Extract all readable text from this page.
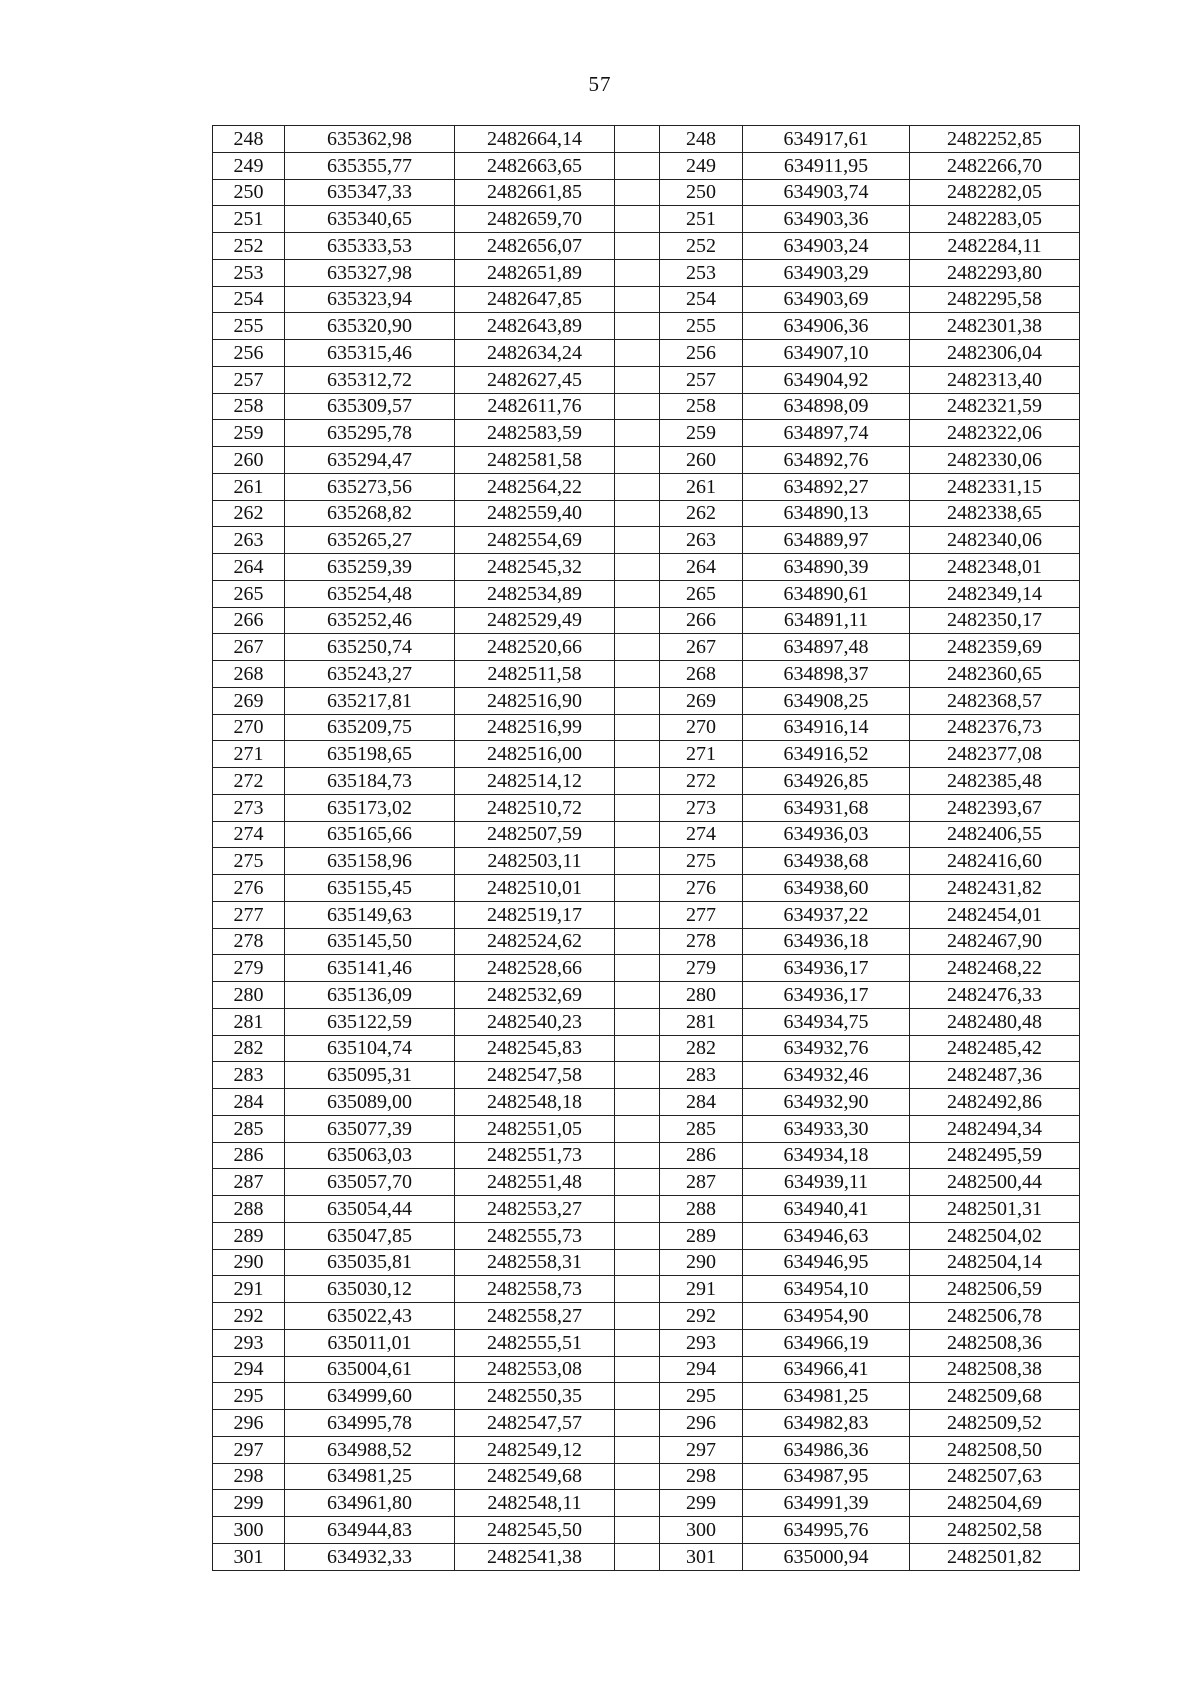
57
248	635362,98	2482664,14		248	634917,61	2482252,85
249	635355,77	2482663,65		249	634911,95	2482266,70
250	635347,33	2482661,85		250	634903,74	2482282,05
251	635340,65	2482659,70		251	634903,36	2482283,05
252	635333,53	2482656,07		252	634903,24	2482284,11
253	635327,98	2482651,89		253	634903,29	2482293,80
254	635323,94	2482647,85		254	634903,69	2482295,58
255	635320,90	2482643,89		255	634906,36	2482301,38
256	635315,46	2482634,24		256	634907,10	2482306,04
257	635312,72	2482627,45		257	634904,92	2482313,40
258	635309,57	2482611,76		258	634898,09	2482321,59
259	635295,78	2482583,59		259	634897,74	2482322,06
260	635294,47	2482581,58		260	634892,76	2482330,06
261	635273,56	2482564,22		261	634892,27	2482331,15
262	635268,82	2482559,40		262	634890,13	2482338,65
263	635265,27	2482554,69		263	634889,97	2482340,06
264	635259,39	2482545,32		264	634890,39	2482348,01
265	635254,48	2482534,89		265	634890,61	2482349,14
266	635252,46	2482529,49		266	634891,11	2482350,17
267	635250,74	2482520,66		267	634897,48	2482359,69
268	635243,27	2482511,58		268	634898,37	2482360,65
269	635217,81	2482516,90		269	634908,25	2482368,57
270	635209,75	2482516,99		270	634916,14	2482376,73
271	635198,65	2482516,00		271	634916,52	2482377,08
272	635184,73	2482514,12		272	634926,85	2482385,48
273	635173,02	2482510,72		273	634931,68	2482393,67
274	635165,66	2482507,59		274	634936,03	2482406,55
275	635158,96	2482503,11		275	634938,68	2482416,60
276	635155,45	2482510,01		276	634938,60	2482431,82
277	635149,63	2482519,17		277	634937,22	2482454,01
278	635145,50	2482524,62		278	634936,18	2482467,90
279	635141,46	2482528,66		279	634936,17	2482468,22
280	635136,09	2482532,69		280	634936,17	2482476,33
281	635122,59	2482540,23		281	634934,75	2482480,48
282	635104,74	2482545,83		282	634932,76	2482485,42
283	635095,31	2482547,58		283	634932,46	2482487,36
284	635089,00	2482548,18		284	634932,90	2482492,86
285	635077,39	2482551,05		285	634933,30	2482494,34
286	635063,03	2482551,73		286	634934,18	2482495,59
287	635057,70	2482551,48		287	634939,11	2482500,44
288	635054,44	2482553,27		288	634940,41	2482501,31
289	635047,85	2482555,73		289	634946,63	2482504,02
290	635035,81	2482558,31		290	634946,95	2482504,14
291	635030,12	2482558,73		291	634954,10	2482506,59
292	635022,43	2482558,27		292	634954,90	2482506,78
293	635011,01	2482555,51		293	634966,19	2482508,36
294	635004,61	2482553,08		294	634966,41	2482508,38
295	634999,60	2482550,35		295	634981,25	2482509,68
296	634995,78	2482547,57		296	634982,83	2482509,52
297	634988,52	2482549,12		297	634986,36	2482508,50
298	634981,25	2482549,68		298	634987,95	2482507,63
299	634961,80	2482548,11		299	634991,39	2482504,69
300	634944,83	2482545,50		300	634995,76	2482502,58
301	634932,33	2482541,38		301	635000,94	2482501,82
